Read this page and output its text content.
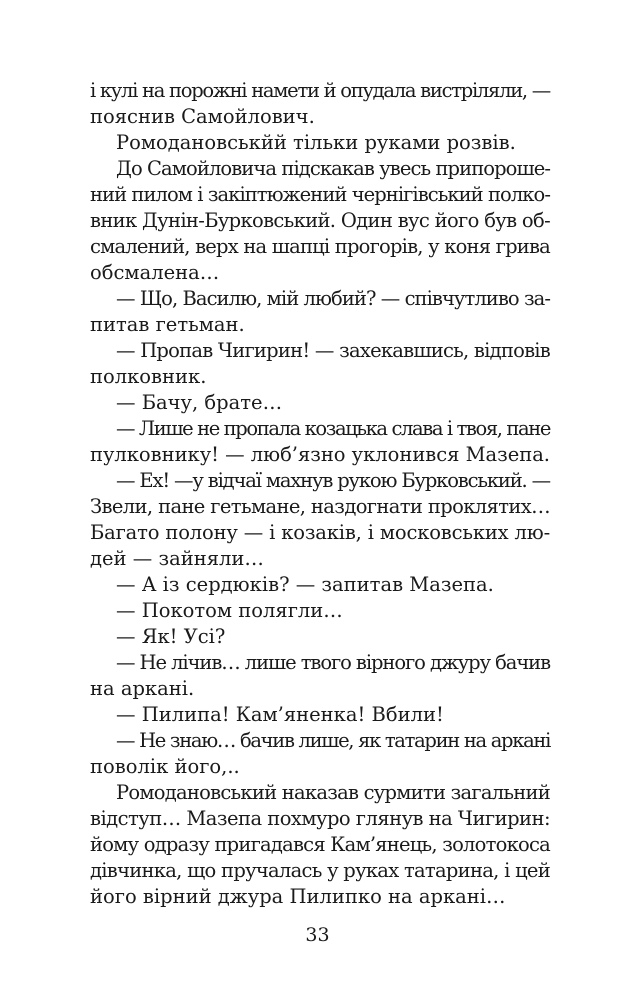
і кулі на порожні намети й опудала вистріляли, —
пояснив Самойлович.
Ромодановськйй тільки руками розвів.
До Самойловича підскакав увесь припороше-
ний пилом і закіптюжений чернігівський полко-
вник Дунін-Бурковський. Один вус його був об-
смалений, верх на шапці прогорів, у коня грива
обсмалена…
— Що, Василю, мій любий? — співчутливо за-
питав гетьман.
— Пропав Чигирин! — захекавшись, відповів
полковник.
— Бачу, брате…
— Лише не пропала козацька слава і твоя, пане
пулковнику! — люб’язно уклонився Мазепа.
— Ех! —у відчаї махнув рукою Бурковський. —
Звели, пане гетьмане, наздогнати проклятих…
Багато полону — і козаків, і московських лю-
дей — зайняли…
— А із сердюків? — запитав Мазепа.
— Покотом полягли…
— Як! Усі?
— Не лічив… лише твого вірного джуру бачив
на аркані.
— Пилипа! Кам’яненка! Вбили!
— Не знаю… бачив лише, як татарин на аркані
поволік його,..
Ромодановський наказав сурмити загальний
відступ… Мазепа похмуро глянув на Чигирин:
йому одразу пригадався Кам’янець, золотокоса
дівчинка, що пручалась у руках татарина, і цей
його вірний джура Пилипко на аркані…
33
